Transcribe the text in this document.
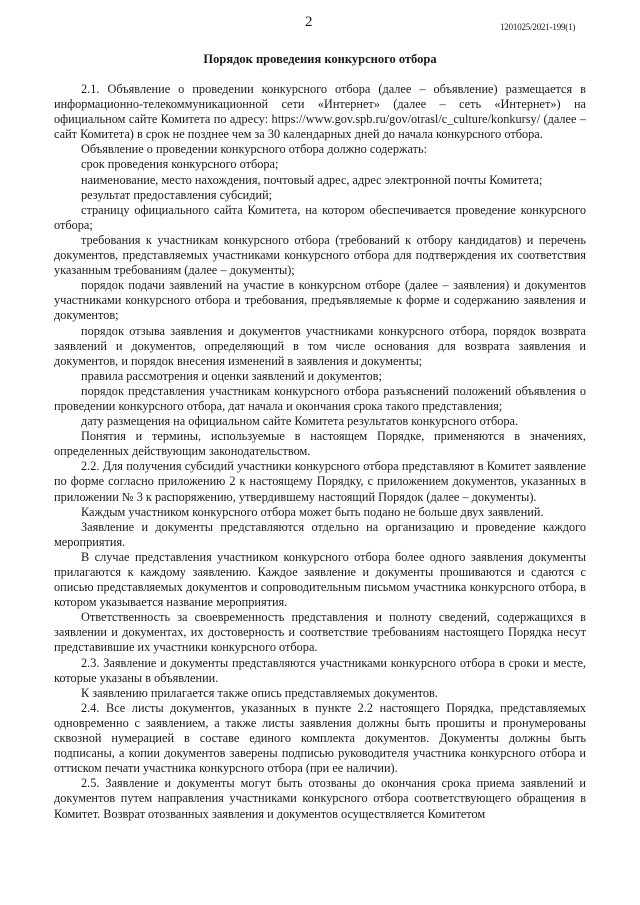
2	1201025/2021-199(1)
Порядок проведения конкурсного отбора

2.1. Объявление о проведении конкурсного отбора (далее – объявление) размещается в информационно-телекоммуникационной сети «Интернет» (далее – сеть «Интернет») на официальном сайте Комитета по адресу: https://www.gov.spb.ru/gov/otrasl/c_culture/konkursy/ (далее – сайт Комитета) в срок не позднее чем за 30 календарных дней до начала конкурсного отбора.

Объявление о проведении конкурсного отбора должно содержать:

срок проведения конкурсного отбора;

наименование, место нахождения, почтовый адрес, адрес электронной почты Комитета;

результат предоставления субсидий;

страницу официального сайта Комитета, на котором обеспечивается проведение конкурсного отбора;

требования к участникам конкурсного отбора (требований к отбору кандидатов) и перечень документов, представляемых участниками конкурсного отбора для подтверждения их соответствия указанным требованиям (далее – документы);

порядок подачи заявлений на участие в конкурсном отборе (далее – заявления) и документов участниками конкурсного отбора и требования, предъявляемые к форме и содержанию заявления и документов;

порядок отзыва заявления и документов участниками конкурсного отбора, порядок возврата заявлений и документов, определяющий в том числе основания для возврата заявления и документов, и порядок внесения изменений в заявления и документы;

правила рассмотрения и оценки заявлений и документов;

порядок представления участникам конкурсного отбора разъяснений положений объявления о проведении конкурсного отбора, дат начала и окончания срока такого представления;

дату размещения на официальном сайте Комитета результатов конкурсного отбора.

Понятия и термины, используемые в настоящем Порядке, применяются в значениях, определенных действующим законодательством.

2.2. Для получения субсидий участники конкурсного отбора представляют в Комитет заявление по форме согласно приложению 2 к настоящему Порядку, с приложением документов, указанных в приложении № 3 к распоряжению, утвердившему настоящий Порядок (далее – документы).

Каждым участником конкурсного отбора может быть подано не больше двух заявлений.

Заявление и документы представляются отдельно на организацию и проведение каждого мероприятия.

В случае представления участником конкурсного отбора более одного заявления документы прилагаются к каждому заявлению. Каждое заявление и документы прошиваются и сдаются с описью представляемых документов и сопроводительным письмом участника конкурсного отбора, в котором указывается название мероприятия.

Ответственность за своевременность представления и полноту сведений, содержащихся в заявлении и документах, их достоверность и соответствие требованиям настоящего Порядка несут представившие их участники конкурсного отбора.

2.3. Заявление и документы представляются участниками конкурсного отбора в сроки и месте, которые указаны в объявлении.

К заявлению прилагается также опись представляемых документов.

2.4. Все листы документов, указанных в пункте 2.2 настоящего Порядка, представляемых одновременно с заявлением, а также листы заявления должны быть прошиты и пронумерованы сквозной нумерацией в составе единого комплекта документов. Документы должны быть подписаны, а копии документов заверены подписью руководителя участника конкурсного отбора и оттиском печати участника конкурсного отбора (при ее наличии).

2.5. Заявление и документы могут быть отозваны до окончания срока приема заявлений и документов путем направления участниками конкурсного отбора соответствующего обращения в Комитет. Возврат отозванных заявления и документов осуществляется Комитетом
